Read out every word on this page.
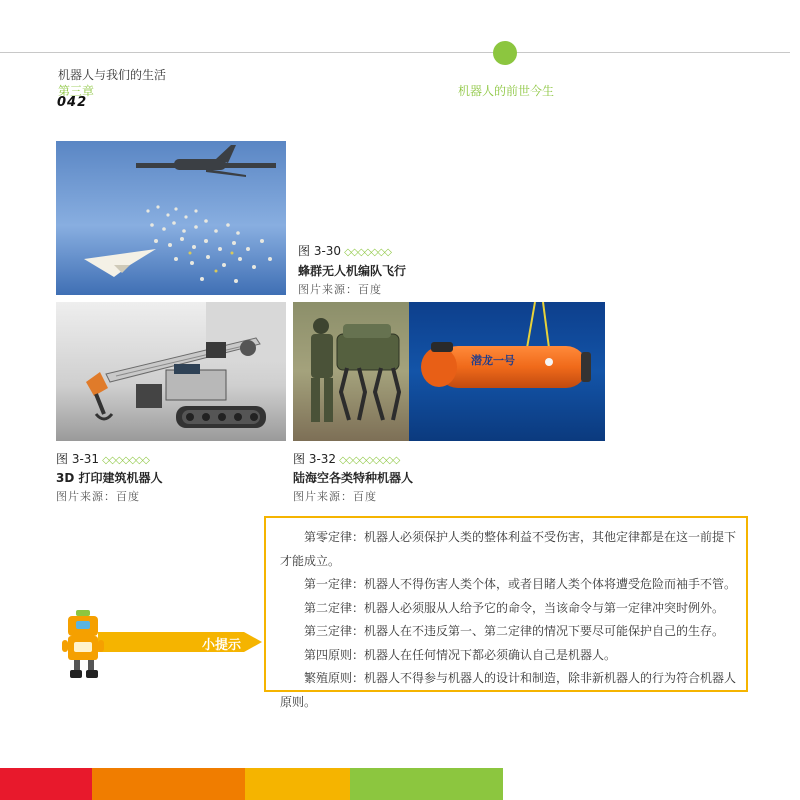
机器人与我们的生活
第三章
042
机器人的前世今生
图 3-30 ◇◇◇◇◇◇◇
蜂群无人机编队飞行
图片来源：百度
图 3-31 ◇◇◇◇◇◇◇
3D 打印建筑机器人
图片来源：百度
潜龙一号
图 3-32 ◇◇◇◇◇◇◇◇◇
陆海空各类特种机器人
图片来源：百度
小提示

第零定律：机器人必须保护人类的整体利益不受伤害，其他定律都是在这一前提下才能成立。

第一定律：机器人不得伤害人类个体，或者目睹人类个体将遭受危险而袖手不管。

第二定律：机器人必须服从人给予它的命令，当该命令与第一定律冲突时例外。

第三定律：机器人在不违反第一、第二定律的情况下要尽可能保护自己的生存。

第四原则：机器人在任何情况下都必须确认自己是机器人。

繁殖原则：机器人不得参与机器人的设计和制造，除非新机器人的行为符合机器人原则。
